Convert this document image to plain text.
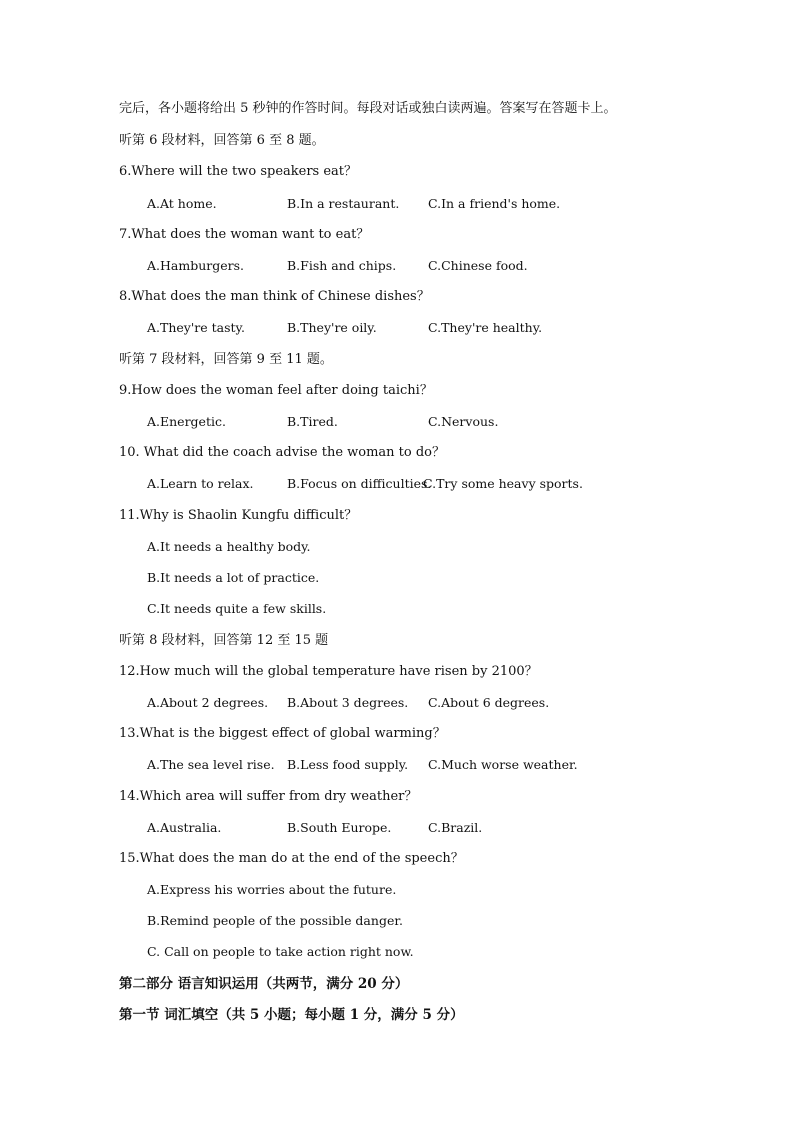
完后，各小题将给出 5 秒钟的作答时间。每段对话或独白读两遍。答案写在答题卡上。
听第 6 段材料，回答第 6 至 8 题。
6.Where will the two speakers eat？
A.At home.	B.In a restaurant. C.In a friend's home.
7.What does the woman want to eat？
A.Hamburgers.	B.Fish and chips.	C.Chinese food.
8.What does the man think of Chinese dishes？
A.They're tasty.	B.They're oily.	C.They're healthy.
听第 7 段材料，回答第 9 至 11 题。
9.How does the woman feel after doing taichi？
A.Energetic.	B.Tired.	C.Nervous.
10. What did the coach advise the woman to do？
A.Learn to relax.	B.Focus on difficulties.
C.Try some heavy sports.
11.Why is Shaolin Kungfu difficult？
A.It needs a healthy body.
B.It needs a lot of practice.
C.It needs quite a few skills.
听第 8 段材料，回答第 12 至 15 题
12.How much will the global temperature have risen by 2100？
A.About 2 degrees. B.About 3 degrees. C.About 6 degrees.
13.What is the biggest effect of global warming？
A.The sea level rise. B.Less food supply. C.Much worse weather.
14.Which area will suffer from dry weather？
A.Australia.	B.South Europe.	C.Brazil.
15.What does the man do at the end of the speech？
A.Express his worries about the future.
B.Remind people of the possible danger.
C. Call on people to take action right now.
第二部分 语言知识运用（共两节，满分 20 分）
第一节 词汇填空（共 5 小题；每小题 1 分，满分 5 分）
